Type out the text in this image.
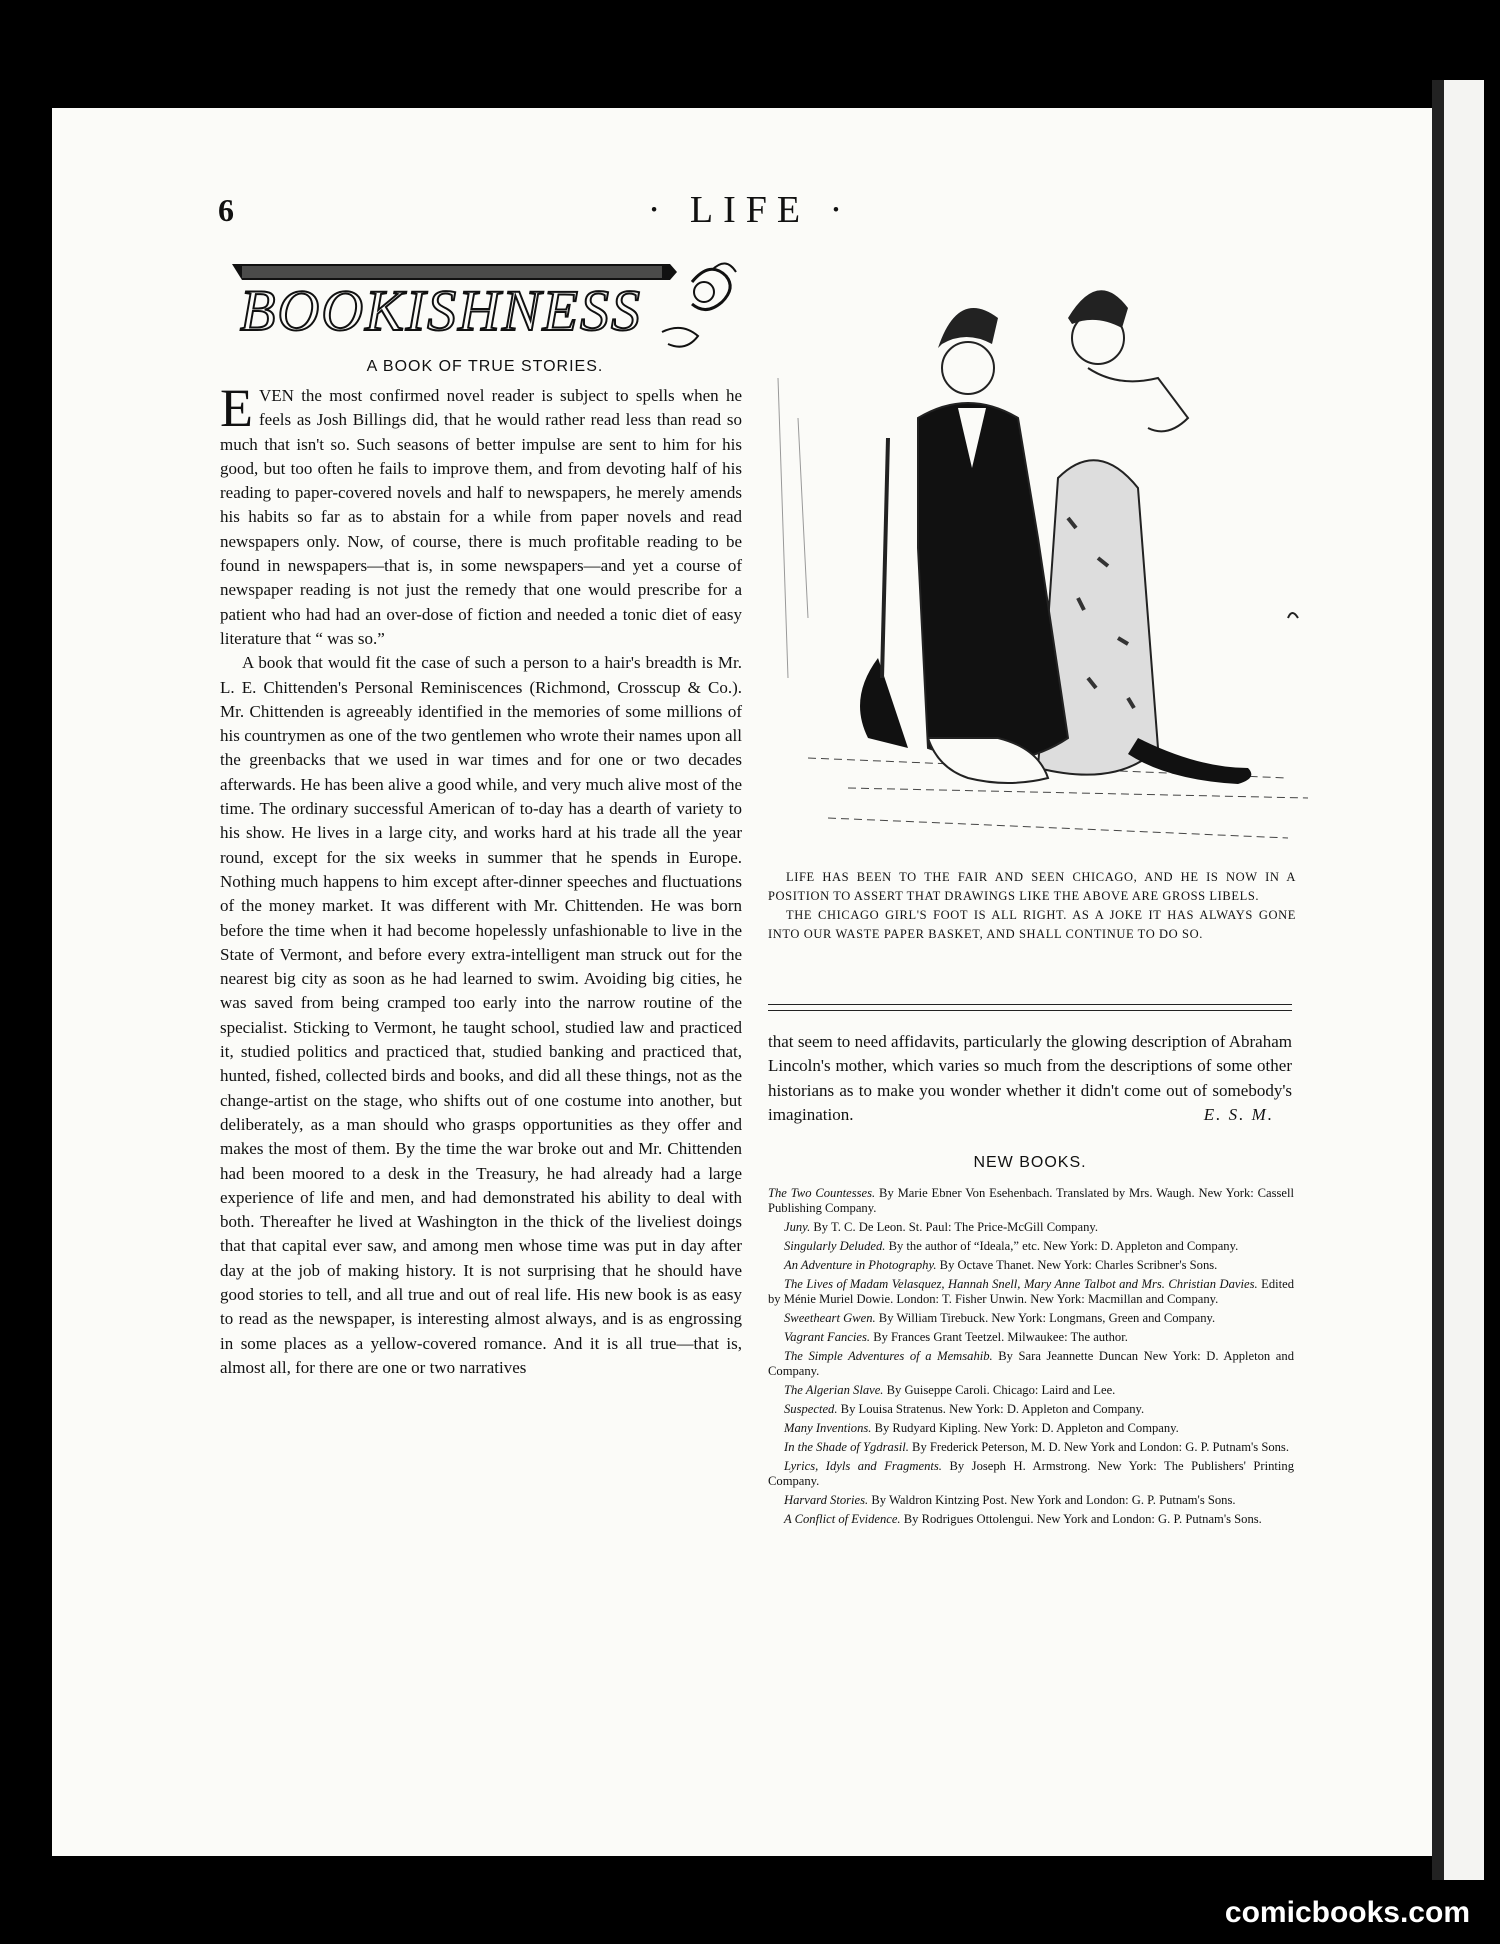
6	· LIFE ·
BOOKISHNESS
A BOOK OF TRUE STORIES.

EVEN the most confirmed novel reader is subject to spells when he feels as Josh Billings did, that he would rather read less than read so much that isn't so. Such seasons of better impulse are sent to him for his good, but too often he fails to improve them, and from devoting half of his reading to paper-covered novels and half to newspapers, he merely amends his habits so far as to abstain for a while from paper novels and read newspapers only. Now, of course, there is much profitable reading to be found in newspapers—that is, in some newspapers—and yet a course of newspaper reading is not just the remedy that one would prescribe for a patient who had had an over-dose of fiction and needed a tonic diet of easy literature that “ was so.”

A book that would fit the case of such a person to a hair's breadth is Mr. L. E. Chittenden's Personal Reminiscences (Richmond, Crosscup & Co.). Mr. Chittenden is agreeably identified in the memories of some millions of his countrymen as one of the two gentlemen who wrote their names upon all the greenbacks that we used in war times and for one or two decades afterwards. He has been alive a good while, and very much alive most of the time. The ordinary successful American of to-day has a dearth of variety to his show. He lives in a large city, and works hard at his trade all the year round, except for the six weeks in summer that he spends in Europe. Nothing much happens to him except after-dinner speeches and fluctuations of the money market. It was different with Mr. Chittenden. He was born before the time when it had become hopelessly unfashionable to live in the State of Vermont, and before every extra-intelligent man struck out for the nearest big city as soon as he had learned to swim. Avoiding big cities, he was saved from being cramped too early into the narrow routine of the specialist. Sticking to Vermont, he taught school, studied law and practiced it, studied politics and practiced that, studied banking and practiced that, hunted, fished, collected birds and books, and did all these things, not as the change-artist on the stage, who shifts out of one costume into another, but deliberately, as a man should who grasps opportunities as they offer and makes the most of them. By the time the war broke out and Mr. Chittenden had been moored to a desk in the Treasury, he had already had a large experience of life and men, and had demonstrated his ability to deal with both. Thereafter he lived at Washington in the thick of the liveliest doings that that capital ever saw, and among men whose time was put in day after day at the job of making history. It is not surprising that he should have good stories to tell, and all true and out of real life. His new book is as easy to read as the newspaper, is interesting almost always, and is as engrossing in some places as a yellow-covered romance. And it is all true—that is, almost all, for there are one or two narratives

LIFE HAS BEEN TO THE FAIR AND SEEN CHICAGO, AND HE IS NOW IN A POSITION TO ASSERT THAT DRAWINGS LIKE THE ABOVE ARE GROSS LIBELS.

THE CHICAGO GIRL'S FOOT IS ALL RIGHT. AS A JOKE IT HAS ALWAYS GONE INTO OUR WASTE PAPER BASKET, AND SHALL CONTINUE TO DO SO.

that seem to need affidavits, particularly the glowing description of Abraham Lincoln's mother, which varies so much from the descriptions of some other historians as to make you wonder whether it didn't come out of somebody's imagination.	E. S. M.

NEW BOOKS.

The Two Countesses. By Marie Ebner Von Esehenbach. Translated by Mrs. Waugh. New York: Cassell Publishing Company.

Juny. By T. C. De Leon. St. Paul: The Price-McGill Company.

Singularly Deluded. By the author of “Ideala,” etc. New York: D. Appleton and Company.

An Adventure in Photography. By Octave Thanet. New York: Charles Scribner's Sons.

The Lives of Madam Velasquez, Hannah Snell, Mary Anne Talbot and Mrs. Christian Davies. Edited by Ménie Muriel Dowie. London: T. Fisher Unwin. New York: Macmillan and Company.

Sweetheart Gwen. By William Tirebuck. New York: Longmans, Green and Company.

Vagrant Fancies. By Frances Grant Teetzel. Milwaukee: The author.

The Simple Adventures of a Memsahib. By Sara Jeannette Duncan New York: D. Appleton and Company.

The Algerian Slave. By Guiseppe Caroli. Chicago: Laird and Lee.

Suspected. By Louisa Stratenus. New York: D. Appleton and Company.

Many Inventions. By Rudyard Kipling. New York: D. Appleton and Company.

In the Shade of Ygdrasil. By Frederick Peterson, M. D. New York and London: G. P. Putnam's Sons.

Lyrics, Idyls and Fragments. By Joseph H. Armstrong. New York: The Publishers' Printing Company.

Harvard Stories. By Waldron Kintzing Post. New York and London: G. P. Putnam's Sons.

A Conflict of Evidence. By Rodrigues Ottolengui. New York and London: G. P. Putnam's Sons.

comicbooks.com
